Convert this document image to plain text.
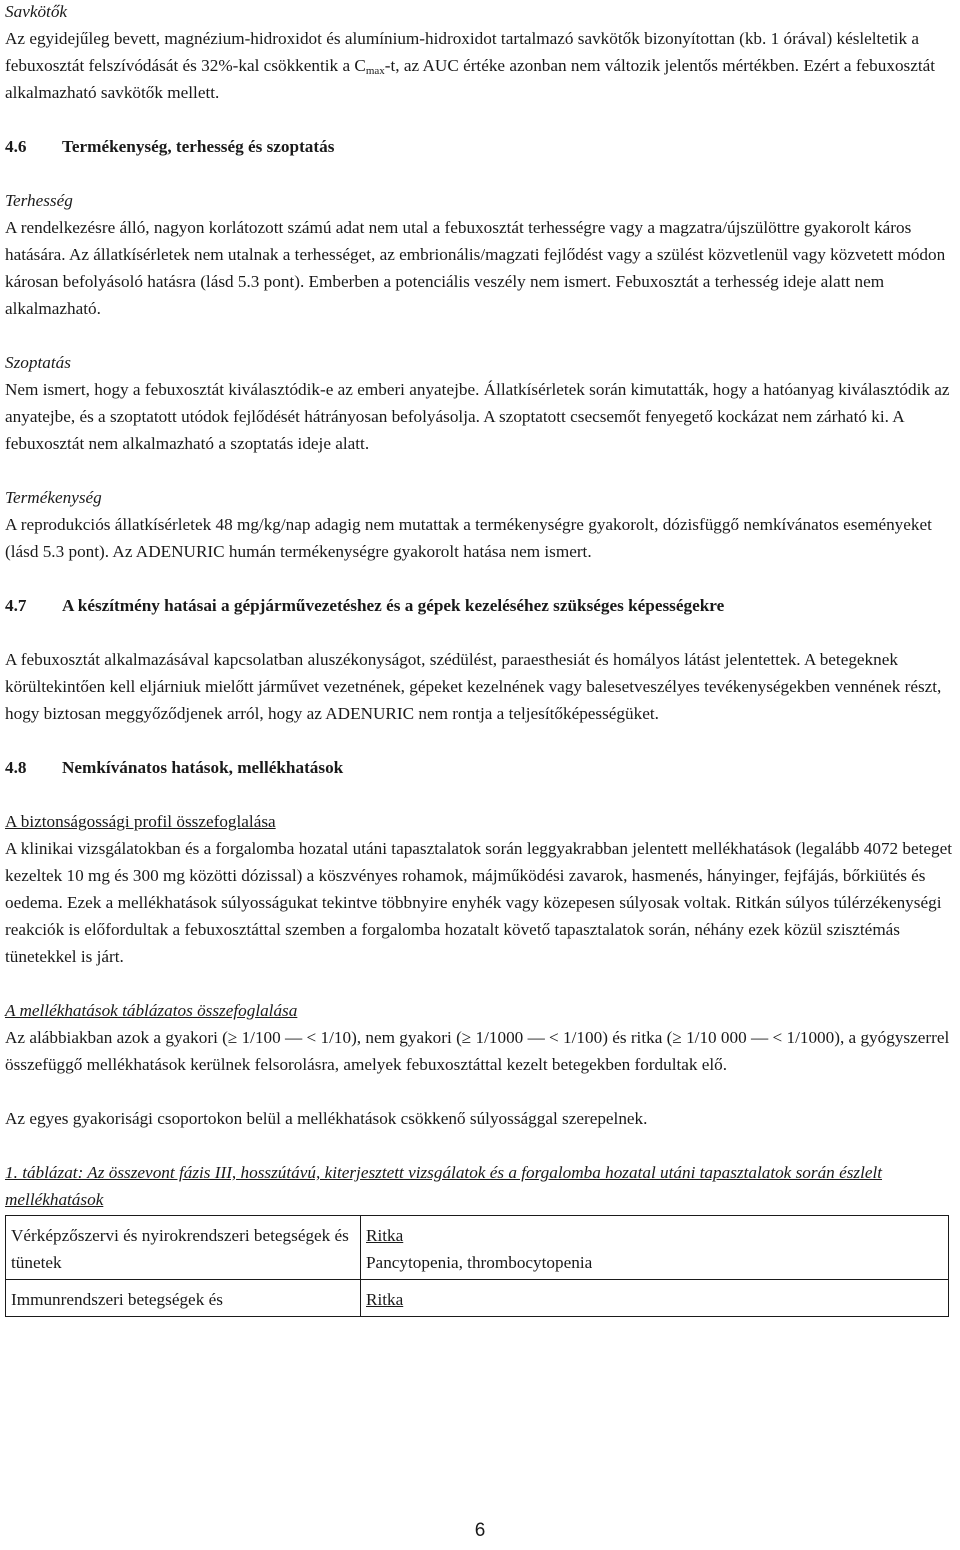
Savkötők

Az egyidejűleg bevett, magnézium-hidroxidot és alumínium-hidroxidot tartalmazó savkötők bizonyítottan (kb. 1 órával) késleltetik a febuxosztát felszívódását és 32%-kal csökkentik a $C_{max}-t$, az AUC értéke azonban nem változik jelentős mértékben. Ezért a febuxosztát alkalmazható savkötők mellett.

4.6	Termékenység, terhesség és szoptatás

Terhesség

A rendelkezésre álló, nagyon korlátozott számú adat nem utal a febuxosztát terhességre vagy a magzatra/újszülöttre gyakorolt káros hatására. Az állatkísérletek nem utalnak a terhességet, az embrionális/magzati fejlődést vagy a szülést közvetlenül vagy közvetett módon károsan befolyásoló hatásra (lásd 5.3 pont). Emberben a potenciális veszély nem ismert. Febuxosztát a terhesség ideje alatt nem alkalmazható.

Szoptatás

Nem ismert, hogy a febuxosztát kiválasztódik-e az emberi anyatejbe. Állatkísérletek során kimutatták, hogy a hatóanyag kiválasztódik az anyatejbe, és a szoptatott utódok fejlődését hátrányosan befolyásolja. A szoptatott csecsemőt fenyegető kockázat nem zárható ki. A febuxosztát nem alkalmazható a szoptatás ideje alatt.

Termékenység

A reprodukciós állatkísérletek 48 mg/kg/nap adagig nem mutattak a termékenységre gyakorolt, dózisfüggő nemkívánatos eseményeket (lásd 5.3 pont). Az ADENURIC humán termékenységre gyakorolt hatása nem ismert.

4.7	A készítmény hatásai a gépjárművezetéshez és a gépek kezeléséhez szükséges képességekre

A febuxosztát alkalmazásával kapcsolatban aluszékonyságot, szédülést, paraesthesiát és homályos látást jelentettek. A betegeknek körültekintően kell eljárniuk mielőtt járművet vezetnének, gépeket kezelnének vagy balesetveszélyes tevékenységekben vennének részt, hogy biztosan meggyőződjenek arról, hogy az ADENURIC nem rontja a teljesítőképességüket.

4.8	Nemkívánatos hatások, mellékhatások

A biztonságossági profil összefoglalása

A klinikai vizsgálatokban és a forgalomba hozatal utáni tapasztalatok során leggyakrabban jelentett mellékhatások (legalább 4072 beteget kezeltek 10 mg és 300 mg közötti dózissal) a köszvényes rohamok, májműködési zavarok, hasmenés, hányinger, fejfájás, bőrkiütés és oedema. Ezek a mellékhatások súlyosságukat tekintve többnyire enyhék vagy közepesen súlyosak voltak. Ritkán súlyos túlérzékenységi reakciók is előfordultak a febuxosztáttal szemben a forgalomba hozatalt követő tapasztalatok során, néhány ezek közül szisztémás tünetekkel is járt.

A mellékhatások táblázatos összefoglalása

Az alábbiakban azok a gyakori (≥ 1/100 — < 1/10), nem gyakori (≥ 1/1000 — < 1/100) és ritka (≥ 1/10 000 — < 1/1000), a gyógyszerrel összefüggő mellékhatások kerülnek felsorolásra, amelyek febuxosztáttal kezelt betegekben fordultak elő.

Az egyes gyakorisági csoportokon belül a mellékhatások csökkenő súlyossággal szerepelnek.

1. táblázat: Az összevont fázis III, hosszútávú, kiterjesztett vizsgálatok és a forgalomba hozatal utáni tapasztalatok során észlelt mellékhatások

Vérképzőszervi és nyirokrendszeri betegségek és tünetek	Ritka
Pancytopenia, thrombocytopenia

Immunrendszeri betegségek és	Ritka
6
